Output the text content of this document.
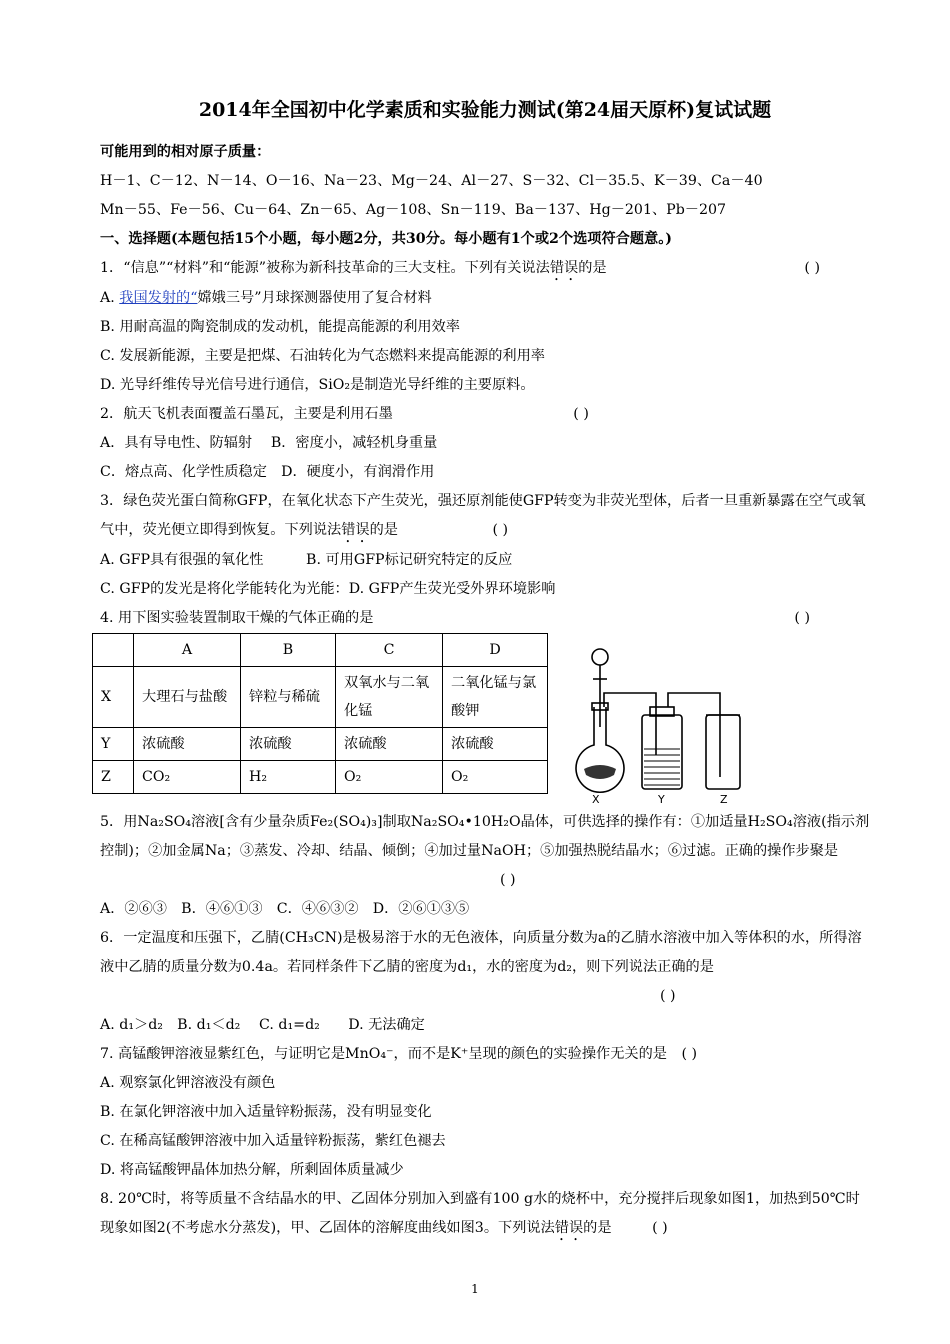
2014年全国初中化学素质和实验能力测试(第24届天原杯)复试试题
可能用到的相对原子质量：
H－1、C－12、N－14、O－16、Na－23、Mg－24、Al－27、S－32、Cl－35.5、K－39、Ca－40
Mn－55、Fe－56、Cu－64、Zn－65、Ag－108、Sn－119、Ba－137、Hg－201、Pb－207
一、选择题(本题包括15个小题，每小题2分，共30分。每小题有1个或2个选项符合题意。)
1．“信息”“材料”和“能源”被称为新科技革命的三大支柱。下列有关说法错误的是	( )
A. 我国发射的“嫦娥三号”月球探测器使用了复合材料
B. 用耐高温的陶瓷制成的发动机，能提高能源的利用效率
C. 发展新能源，主要是把煤、石油转化为气态燃料来提高能源的利用率
D. 光导纤维传导光信号进行通信，SiO₂是制造光导纤维的主要原料。
2．航天飞机表面覆盖石墨瓦，主要是利用石墨	( )
A．具有导电性、防辐射　 B．密度小，减轻机身重量
C．熔点高、化学性质稳定　D．硬度小，有润滑作用
3．绿色荧光蛋白简称GFP，在氧化状态下产生荧光，强还原剂能使GFP转变为非荧光型体，后者一旦重新暴露在空气或氧气中，荧光便立即得到恢复。下列说法错误的是	( )
A. GFP具有很强的氧化性　　　B. 可用GFP标记研究特定的反应
C. GFP的发光是将化学能转化为光能：D. GFP产生荧光受外界环境影响
4. 用下图实验装置制取干燥的气体正确的是	( )
	A	B	C	D
X	大理石与盐酸	锌粒与稀硫	双氧水与二氧化锰	二氧化锰与氯酸钾
Y	浓硫酸	浓硫酸	浓硫酸	浓硫酸
Z	CO₂	H₂	O₂	O₂
X	Y	Z
5．用Na₂SO₄溶液[含有少量杂质Fe₂(SO₄)₃]制取Na₂SO₄•10H₂O晶体，可供选择的操作有：①加适量H₂SO₄溶液(指示剂控制)；②加金属Na；③蒸发、冷却、结晶、倾倒；④加过量NaOH；⑤加强热脱结晶水；⑥过滤。正确的操作步聚是 ( )
A．②⑥③　B．④⑥①③　C．④⑥③②　D．②⑥①③⑤
6．一定温度和压强下，乙腈(CH₃CN)是极易溶于水的无色液体，向质量分数为a的乙腈水溶液中加入等体积的水，所得溶液中乙腈的质量分数为0.4a。若同样条件下乙腈的密度为d₁，水的密度为d₂，则下列说法正确的是 ( )
A. d₁＞d₂　B. d₁＜d₂　 C. d₁=d₂　　D. 无法确定
7. 高锰酸钾溶液显紫红色，与证明它是MnO₄⁻，而不是K⁺呈现的颜色的实验操作无关的是 ( )
A. 观察氯化钾溶液没有颜色
B. 在氯化钾溶液中加入适量锌粉振荡，没有明显变化
C. 在稀高锰酸钾溶液中加入适量锌粉振荡，紫红色褪去
D. 将高锰酸钾晶体加热分解，所剩固体质量减少
8. 20℃时，将等质量不含结晶水的甲、乙固体分别加入到盛有100 g水的烧杯中，充分搅拌后现象如图1，加热到50℃时现象如图2(不考虑水分蒸发)，甲、乙固体的溶解度曲线如图3。下列说法错误的是	( )
1
